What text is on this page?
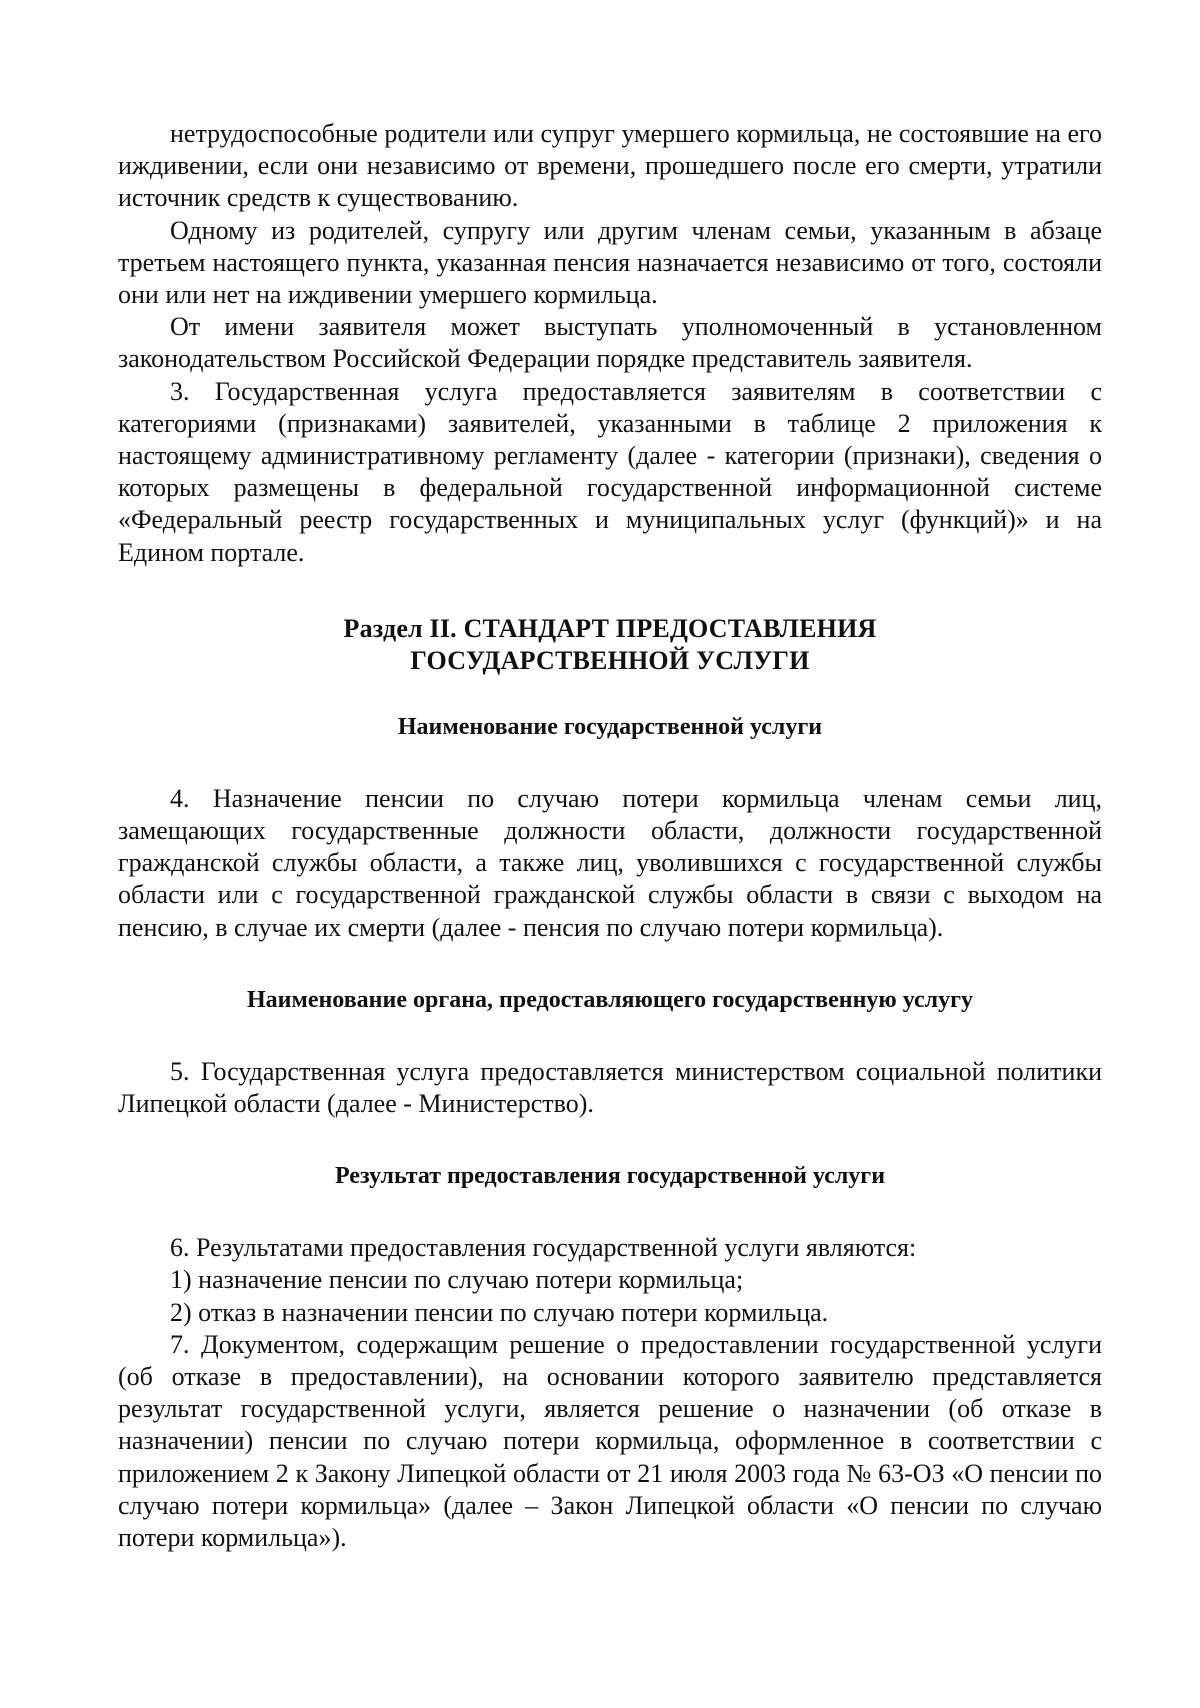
нетрудоспособные родители или супруг умершего кормильца, не состоявшие на его иждивении, если они независимо от времени, прошедшего после его смерти, утратили источник средств к существованию.

Одному из родителей, супругу или другим членам семьи, указанным в абзаце третьем настоящего пункта, указанная пенсия назначается независимо от того, состояли они или нет на иждивении умершего кормильца.

От имени заявителя может выступать уполномоченный в установленном законодательством Российской Федерации порядке представитель заявителя.

3. Государственная услуга предоставляется заявителям в соответствии с категориями (признаками) заявителей, указанными в таблице 2 приложения к настоящему административному регламенту (далее - категории (признаки), сведения о которых размещены в федеральной государственной информационной системе «Федеральный реестр государственных и муниципальных услуг (функций)» и на Едином портале.

Раздел II. СТАНДАРТ ПРЕДОСТАВЛЕНИЯ
ГОСУДАРСТВЕННОЙ УСЛУГИ
Наименование государственной услуги

4. Назначение пенсии по случаю потери кормильца членам семьи лиц, замещающих государственные должности области, должности государственной гражданской службы области, а также лиц, уволившихся с государственной службы области или с государственной гражданской службы области в связи с выходом на пенсию, в случае их смерти (далее - пенсия по случаю потери кормильца).

Наименование органа, предоставляющего государственную услугу

5. Государственная услуга предоставляется министерством социальной политики Липецкой области (далее - Министерство).

Результат предоставления государственной услуги

6. Результатами предоставления государственной услуги являются:

1) назначение пенсии по случаю потери кормильца;

2) отказ в назначении пенсии по случаю потери кормильца.

7. Документом, содержащим решение о предоставлении государственной услуги (об отказе в предоставлении), на основании которого заявителю представляется результат государственной услуги, является решение о назначении (об отказе в назначении) пенсии по случаю потери кормильца, оформленное в соответствии с приложением 2 к Закону Липецкой области от 21 июля 2003 года № 63-ОЗ «О пенсии по случаю потери кормильца» (далее – Закон Липецкой области «О пенсии по случаю потери кормильца»).
